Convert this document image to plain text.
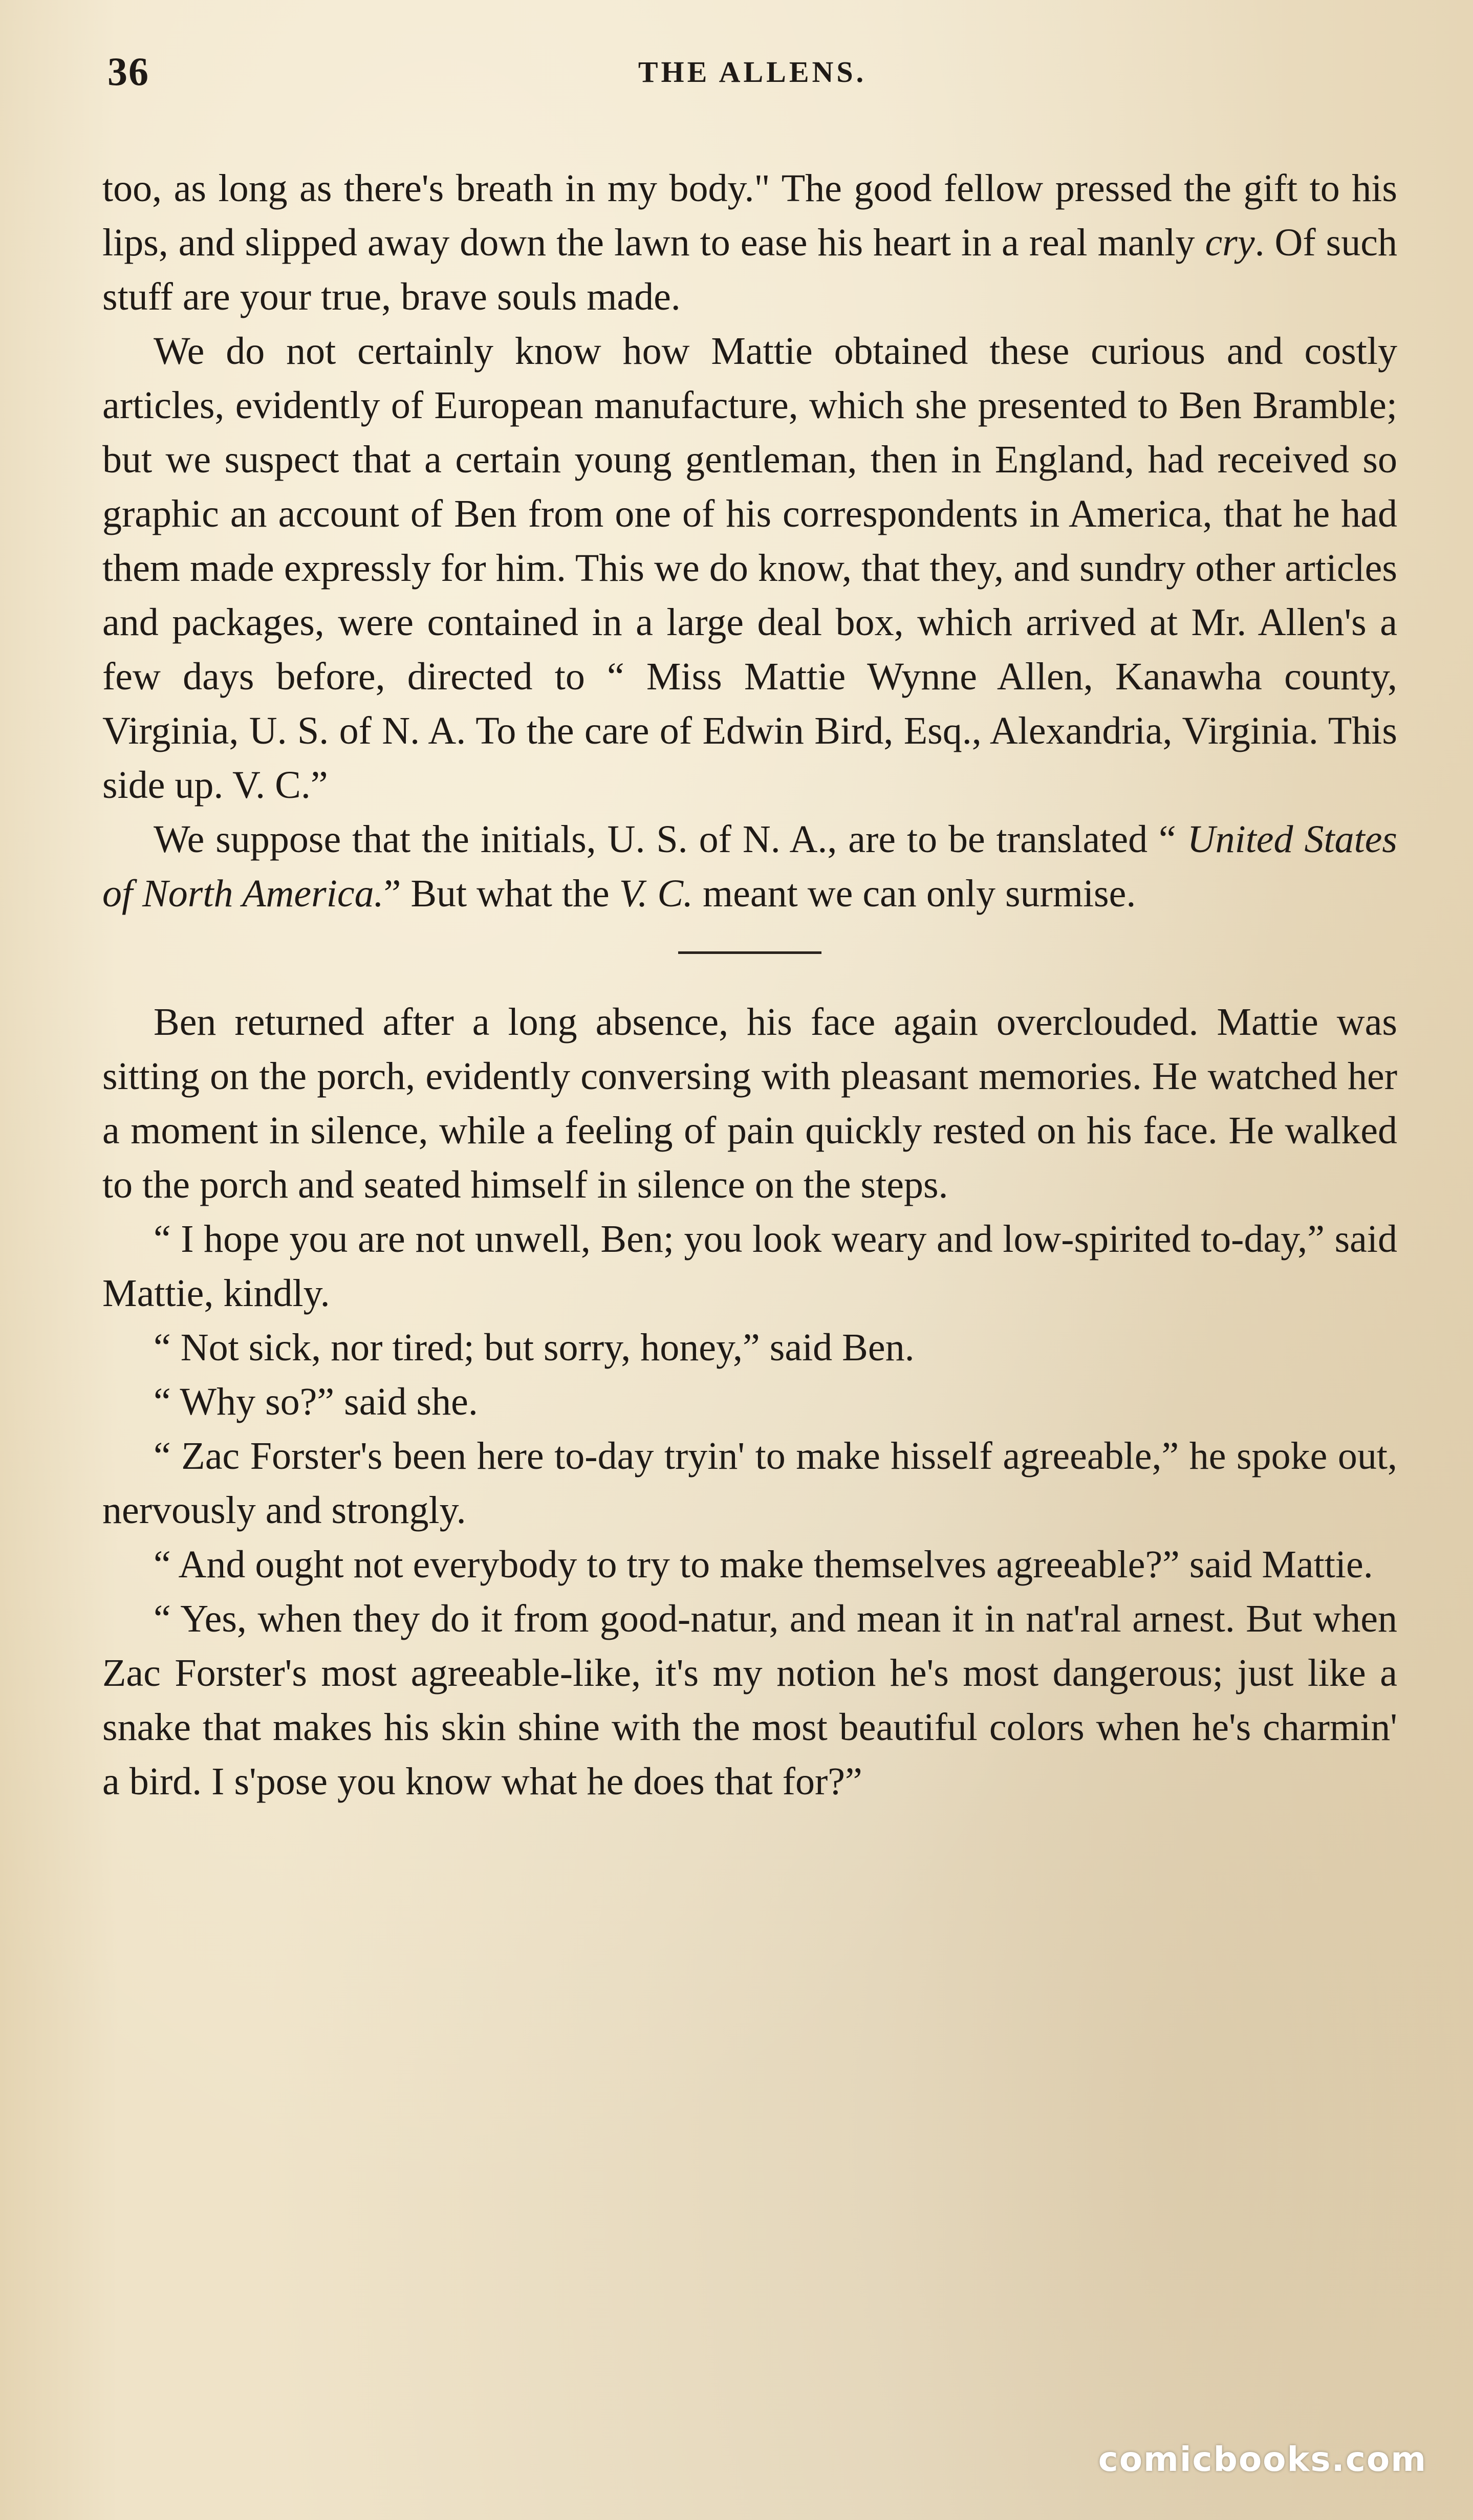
36	THE ALLENS.

too, as long as there's breath in my body." The good fellow pressed the gift to his lips, and slipped away down the lawn to ease his heart in a real manly cry. Of such stuff are your true, brave souls made.

We do not certainly know how Mattie obtained these curious and costly articles, evidently of European manufacture, which she presented to Ben Bramble; but we suspect that a certain young gentleman, then in England, had received so graphic an account of Ben from one of his correspondents in America, that he had them made expressly for him. This we do know, that they, and sundry other articles and packages, were contained in a large deal box, which arrived at Mr. Allen's a few days before, directed to “ Miss Mattie Wynne Allen, Kanawha county, Virginia, U. S. of N. A. To the care of Edwin Bird, Esq., Alexandria, Virginia. This side up. V. C.”

We suppose that the initials, U. S. of N. A., are to be translated “ United States of North America.” But what the V. C. meant we can only surmise.

Ben returned after a long absence, his face again overclouded. Mattie was sitting on the porch, evidently conversing with pleasant memories. He watched her a moment in silence, while a feeling of pain quickly rested on his face. He walked to the porch and seated himself in silence on the steps.

“ I hope you are not unwell, Ben; you look weary and low-spirited to-day,” said Mattie, kindly.

“ Not sick, nor tired; but sorry, honey,” said Ben.

“ Why so?” said she.

“ Zac Forster's been here to-day tryin' to make hisself agreeable,” he spoke out, nervously and strongly.

“ And ought not everybody to try to make themselves agreeable?” said Mattie.

“ Yes, when they do it from good-natur, and mean it in nat'ral arnest. But when Zac Forster's most agreeable-like, it's my notion he's most dangerous; just like a snake that makes his skin shine with the most beautiful colors when he's charmin' a bird. I s'pose you know what he does that for?”

comicbooks.com
